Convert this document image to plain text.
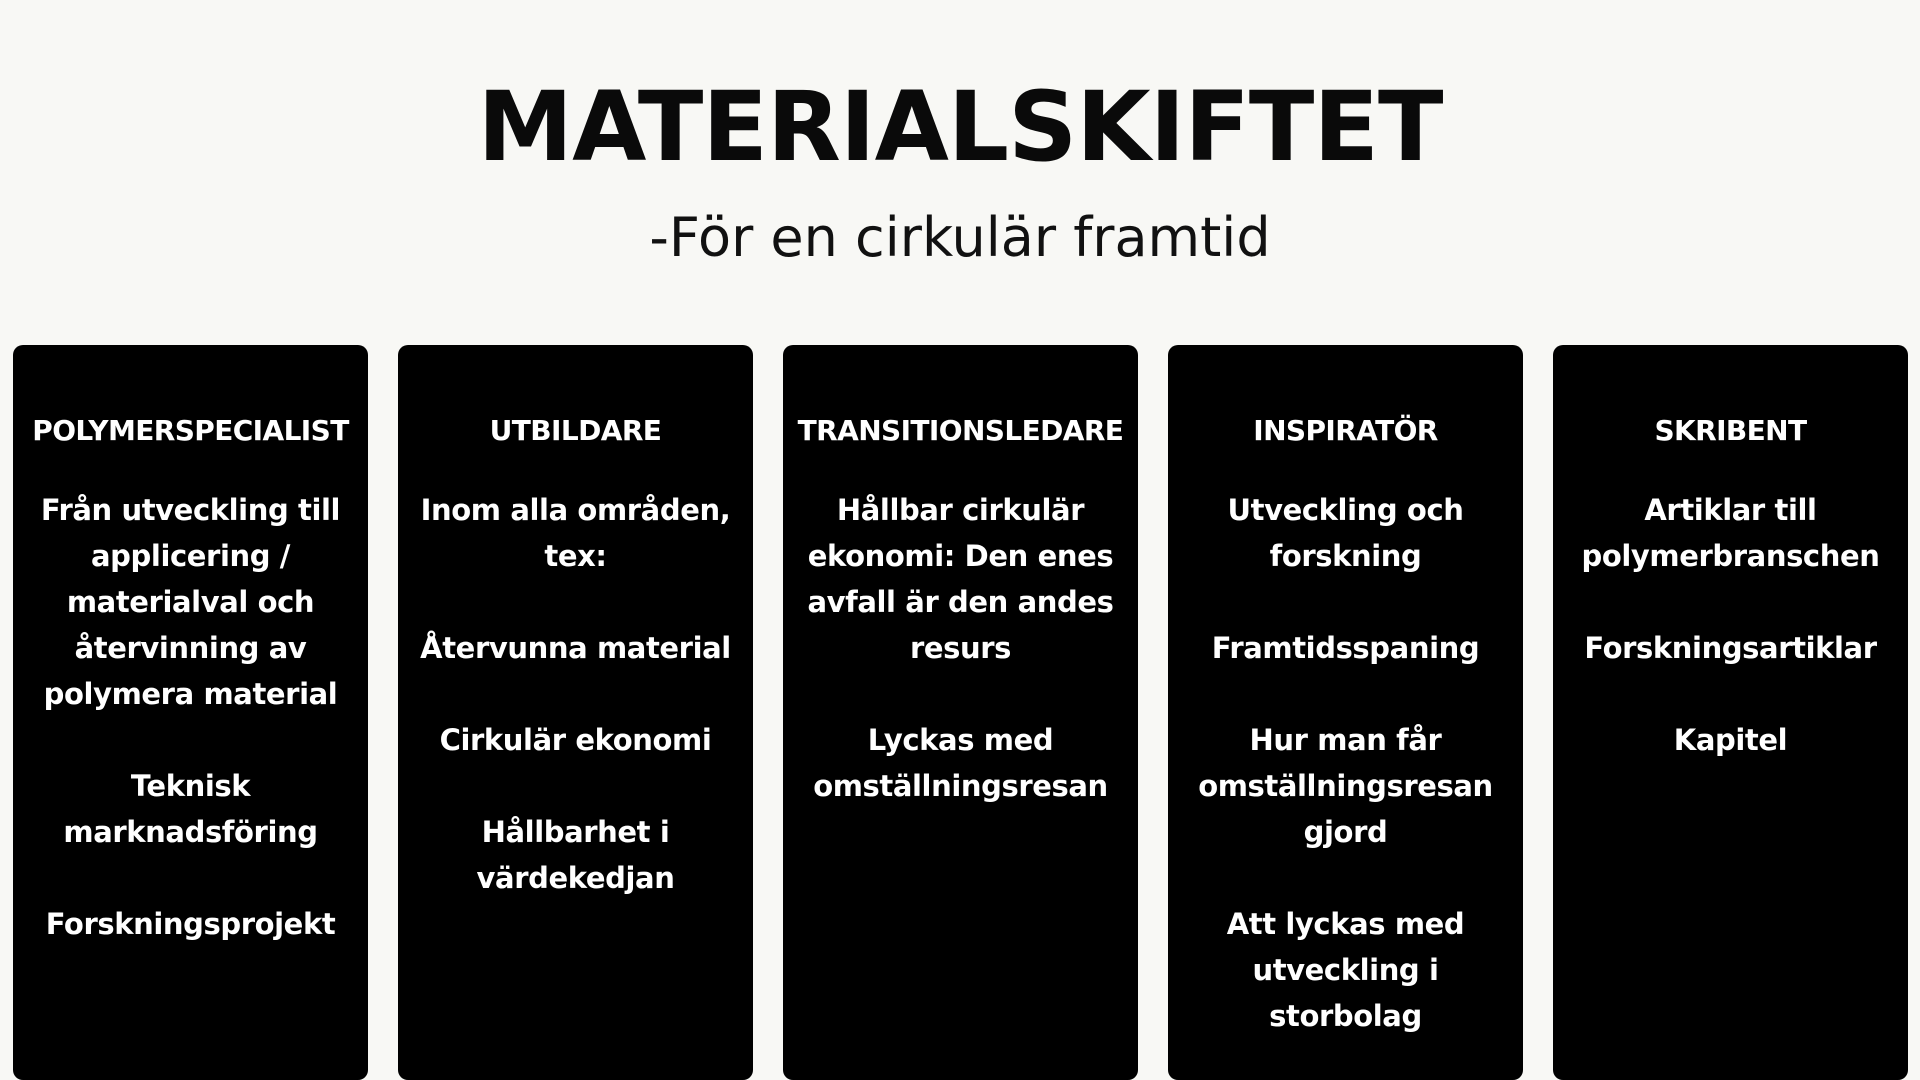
MATERIALSKIFTET
-För en cirkulär framtid
POLYMERSPECIALIST
Från utveckling till applicering / materialval och återvinning av polymera material
Teknisk marknadsföring
Forskningsprojekt
UTBILDARE
Inom alla områden, tex:
Återvunna material
Cirkulär ekonomi
Hållbarhet i värdekedjan
TRANSITIONSLEDARE
Hållbar cirkulär ekonomi: Den enes avfall är den andes resurs
Lyckas med omställningsresan
INSPIRATÖR
Utveckling och forskning
Framtidsspaning
Hur man får omställningsresan gjord
Att lyckas med utveckling i storbolag
SKRIBENT
Artiklar till polymerbranschen
Forskningsartiklar
Kapitel
